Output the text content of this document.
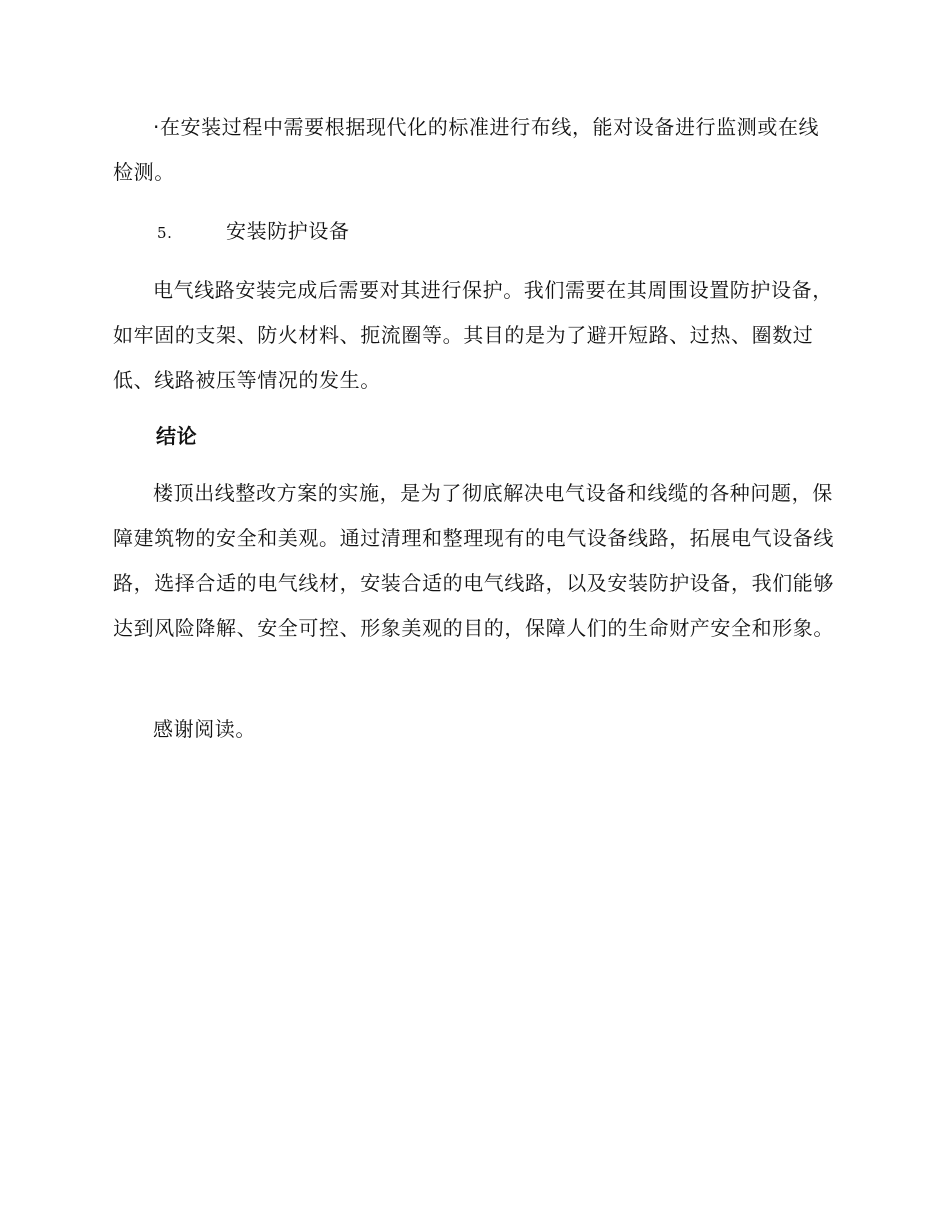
·在安装过程中需要根据现代化的标准进行布线，能对设备进行监测或在线检测。

5.	安装防护设备

电气线路安装完成后需要对其进行保护。我们需要在其周围设置防护设备，如牢固的支架、防火材料、扼流圈等。其目的是为了避开短路、过热、圈数过低、线路被压等情况的发生。

结论

楼顶出线整改方案的实施，是为了彻底解决电气设备和线缆的各种问题，保障建筑物的安全和美观。通过清理和整理现有的电气设备线路，拓展电气设备线路，选择合适的电气线材，安装合适的电气线路，以及安装防护设备，我们能够达到风险降解、安全可控、形象美观的目的，保障人们的生命财产安全和形象。

感谢阅读。
